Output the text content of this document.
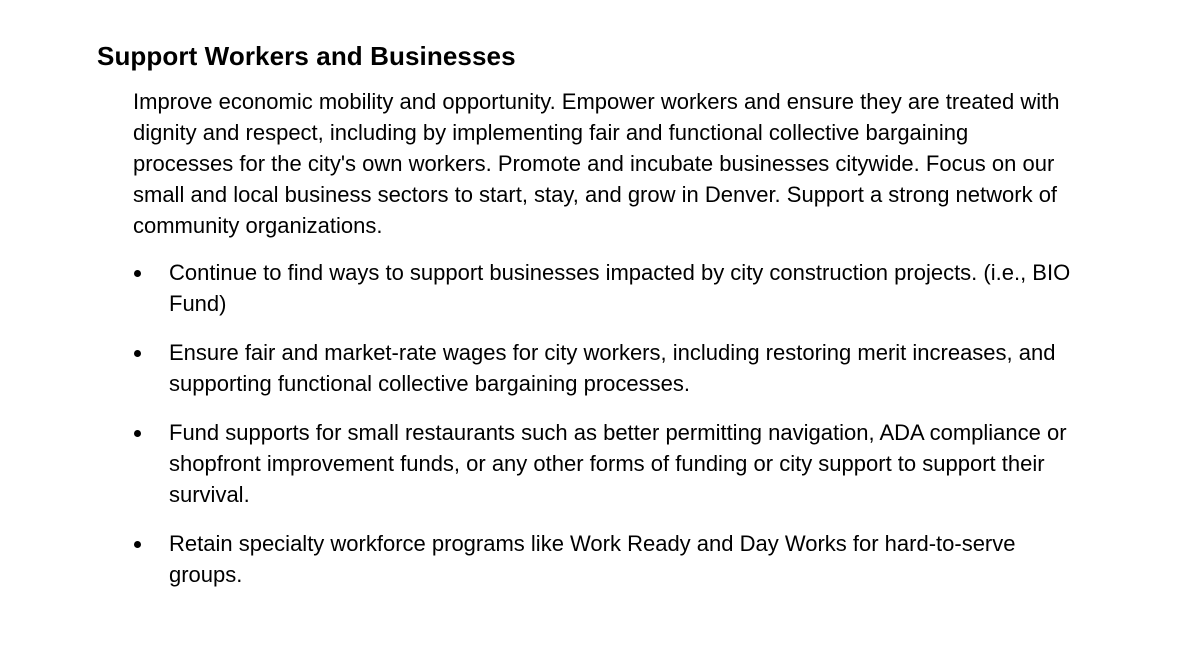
Support Workers and Businesses

Improve economic mobility and opportunity. Empower workers and ensure they are treated with dignity and respect, including by implementing fair and functional collective bargaining processes for the city's own workers. Promote and incubate businesses citywide. Focus on our small and local business sectors to start, stay, and grow in Denver. Support a strong network of community organizations.

Continue to find ways to support businesses impacted by city construction projects. (i.e., BIO Fund)
Ensure fair and market-rate wages for city workers, including restoring merit increases, and supporting functional collective bargaining processes.
Fund supports for small restaurants such as better permitting navigation, ADA compliance or shopfront improvement funds, or any other forms of funding or city support to support their survival.
Retain specialty workforce programs like Work Ready and Day Works for hard-to-serve groups.
